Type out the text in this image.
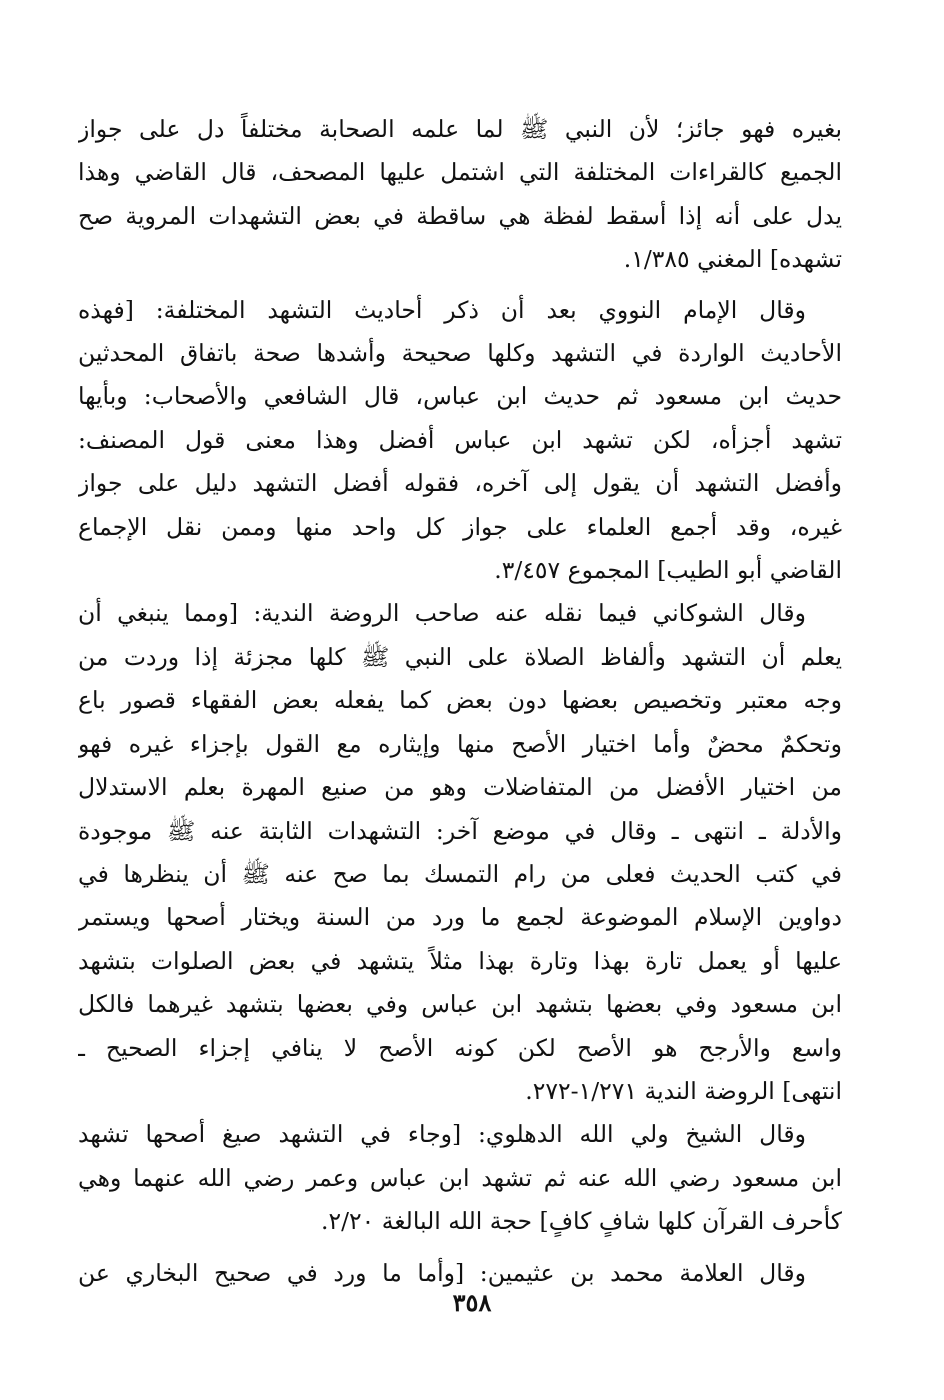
بغيره فهو جائز؛ لأن النبي ﷺ لما علمه الصحابة مختلفاً دل على جواز
الجميع كالقراءات المختلفة التي اشتمل عليها المصحف، قال القاضي وهذا
يدل على أنه إذا أسقط لفظة هي ساقطة في بعض التشهدات المروية صح
تشهده] المغني ١/٣٨٥.

وقال الإمام النووي بعد أن ذكر أحاديث التشهد المختلفة: [فهذه
الأحاديث الواردة في التشهد وكلها صحيحة وأشدها صحة باتفاق المحدثين
حديث ابن مسعود ثم حديث ابن عباس، قال الشافعي والأصحاب: وبأيها
تشهد أجزأه، لكن تشهد ابن عباس أفضل وهذا معنى قول المصنف:
وأفضل التشهد أن يقول إلى آخره، فقوله أفضل التشهد دليل على جواز
غيره، وقد أجمع العلماء على جواز كل واحد منها وممن نقل الإجماع
القاضي أبو الطيب] المجموع ٣/٤٥٧.

وقال الشوكاني فيما نقله عنه صاحب الروضة الندية: [ومما ينبغي أن
يعلم أن التشهد وألفاظ الصلاة على النبي ﷺ كلها مجزئة إذا وردت من
وجه معتبر وتخصيص بعضها دون بعض كما يفعله بعض الفقهاء قصور باع
وتحكمٌ محضٌ وأما اختيار الأصح منها وإيثاره مع القول بإجزاء غيره فهو
من اختيار الأفضل من المتفاضلات وهو من صنيع المهرة بعلم الاستدلال
والأدلة ـ انتهى ـ وقال في موضع آخر: التشهدات الثابتة عنه ﷺ موجودة
في كتب الحديث فعلى من رام التمسك بما صح عنه ﷺ أن ينظرها في
دواوين الإسلام الموضوعة لجمع ما ورد من السنة ويختار أصحها ويستمر
عليها أو يعمل تارة بهذا وتارة بهذا مثلاً يتشهد في بعض الصلوات بتشهد
ابن مسعود وفي بعضها بتشهد ابن عباس وفي بعضها بتشهد غيرهما فالكل
واسع والأرجح هو الأصح لكن كونه الأصح لا ينافي إجزاء الصحيح ـ
انتهى] الروضة الندية ١/٢٧١-٢٧٢.

وقال الشيخ ولي الله الدهلوي: [وجاء في التشهد صيغ أصحها تشهد
ابن مسعود رضي الله عنه ثم تشهد ابن عباس وعمر رضي الله عنهما وهي
كأحرف القرآن كلها شافٍ كافٍ] حجة الله البالغة ٢/٢٠.

وقال العلامة محمد بن عثيمين: [وأما ما ورد في صحيح البخاري عن

٣٥٨
